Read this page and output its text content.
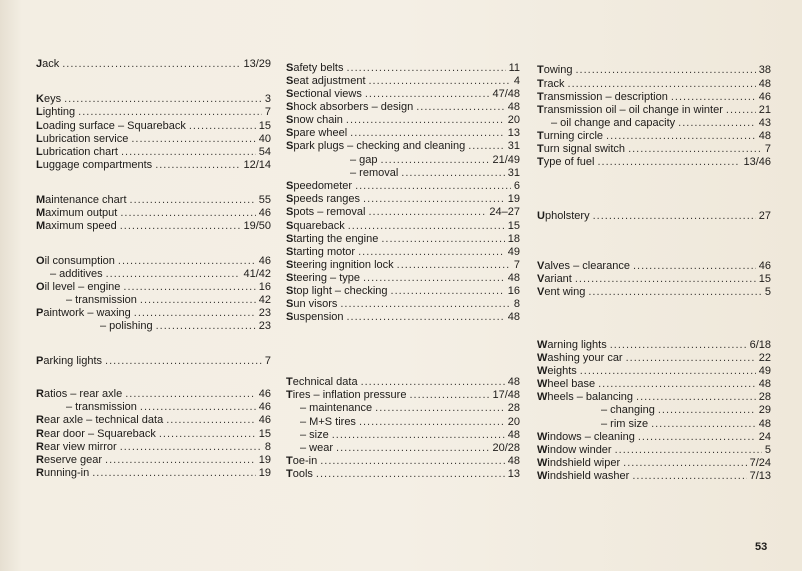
Jack .....	13/29
Keys .....	3
Lighting .....	7
Loading surface – Squareback .....	15
Lubrication service .....	40
Lubrication chart .....	54
Luggage compartments .....	12/14
Maintenance chart .....	55
Maximum output .....	46
Maximum speed .....	19/50
Oil consumption .....	46
– additives .....	41/42
Oil level – engine .....	16
– transmission .....	42
Paintwork – waxing .....	23
– polishing .....	23
Parking lights .....	7
Ratios – rear axle .....	46
– transmission .....	46
Rear axle – technical data .....	46
Rear door – Squareback .....	15
Rear view mirror .....	8
Reserve gear .....	19
Running-in .....	19
Safety belts .....	11
Seat adjustment .....	4
Sectional views .....	47/48
Shock absorbers – design .....	48
Snow chain .....	20
Spare wheel .....	13
Spark plugs – checking and cleaning .....	31
– gap .....	21/49
– removal .....	31
Speedometer .....	6
Speeds ranges .....	19
Spots – removal .....	24–27
Squareback .....	15
Starting the engine .....	18
Starting motor .....	49
Steering ingnition lock .....	7
Steering – type .....	48
Stop light – checking .....	16
Sun visors .....	8
Suspension .....	48
Technical data .....	48
Tires – inflation pressure .....	17/48
– maintenance .....	28
– M+S tires .....	20
– size .....	48
– wear .....	20/28
Toe-in .....	48
Tools .....	13
Towing .....	38
Track .....	48
Transmission – description .....	46
Transmission oil – oil change in winter .....	21
– oil change and capacity .....	43
Turning circle .....	48
Turn signal switch .....	7
Type of fuel .....	13/46
Upholstery .....	27
Valves – clearance .....	46
Variant .....	15
Vent wing .....	5
Warning lights .....	6/18
Washing your car .....	22
Weights .....	49
Wheel base .....	48
Wheels – balancing .....	28
– changing .....	29
– rim size .....	48
Windows – cleaning .....	24
Window winder .....	5
Windshield wiper .....	7/24
Windshield washer .....	7/13
53
